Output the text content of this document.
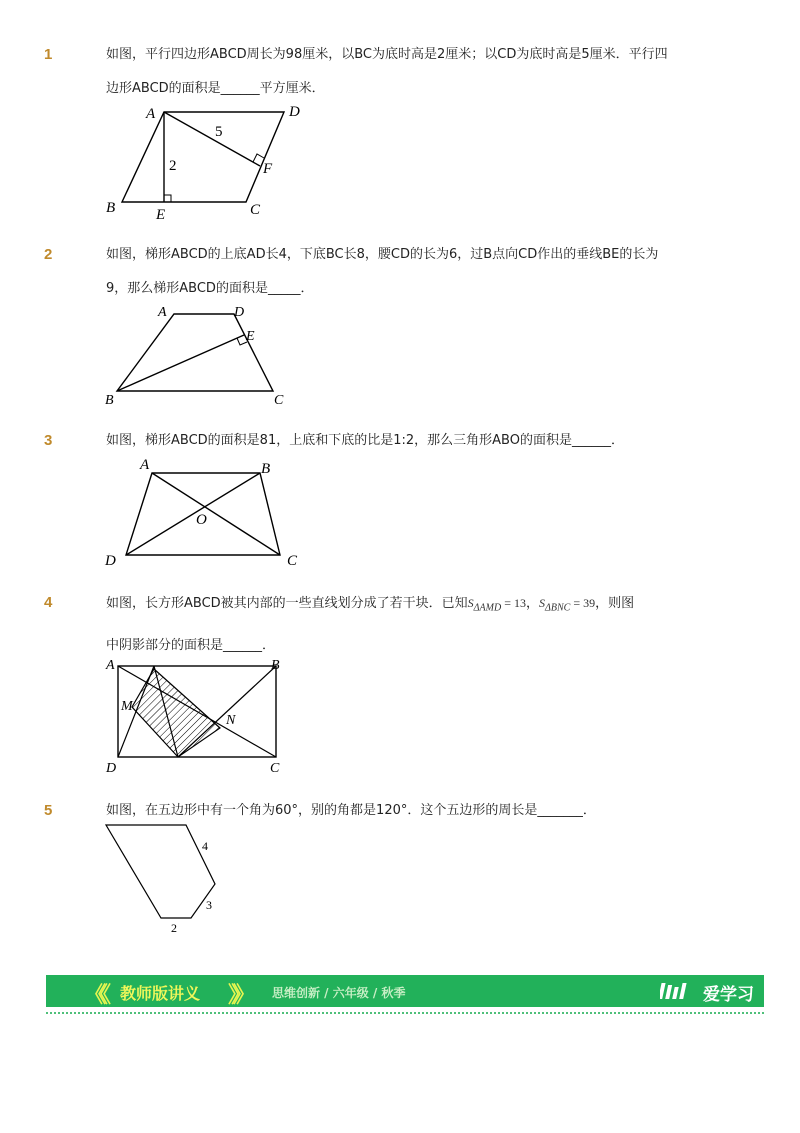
1	如图，平行四边形ABCD周长为98厘米，以BC为底时高是2厘米；以CD为底时高是5厘米．平行四
边形ABCD的面积是______平方厘米．
A	D
B	E	C
F
5
2
2	如图，梯形ABCD的上底AD长4，下底BC长8，腰CD的长为6，过B点向CD作出的垂线BE的长为
9，那么梯形ABCD的面积是_____．
A	D
E
B	C
3	如图，梯形ABCD的面积是81，上底和下底的比是1:2，那么三角形ABO的面积是______．
A	B
O
D	C
4	如图，长方形ABCD被其内部的一些直线划分成了若干块．已知$S_{\Delta AMD} = 13$，$S_{\Delta BNC} = 39$，则图
中阴影部分的面积是______．
A	B
M
N
D	C
5	如图，在五边形中有一个角为60°，别的角都是120°．这个五边形的周长是_______．
4
3
2
《《 教师版讲义 》》 思维创新 / 六年级 / 秋季	爱学习
